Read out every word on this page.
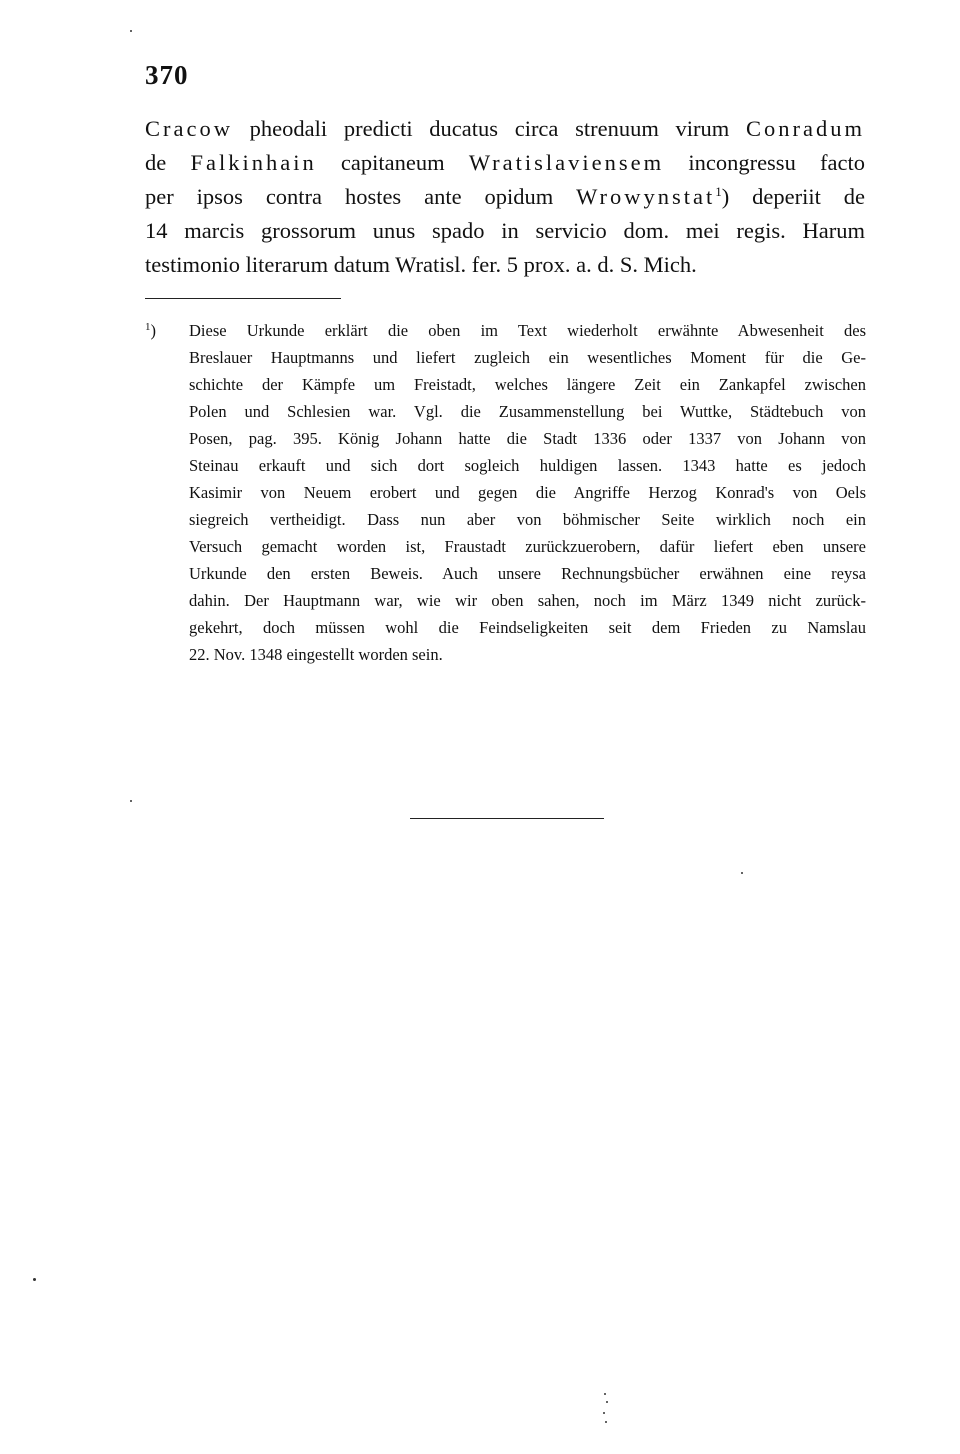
370
Cracow pheodali predicti ducatus circa strenuum virum Conradum
de Falkinhain capitaneum Wratislaviensem incongressu facto
per ipsos contra hostes ante opidum Wrowynstat$^1$) deperiit de
14 marcis grossorum unus spado in servicio dom. mei regis. Harum
testimonio literarum datum Wratisl. fer. 5 prox. a. d. S. Mich.
$^1$) Diese Urkunde erklärt die oben im Text wiederholt erwähnte Abwesenheit des
Breslauer Hauptmanns und liefert zugleich ein wesentliches Moment für die Ge-
schichte der Kämpfe um Freistadt, welches längere Zeit ein Zankapfel zwischen
Polen und Schlesien war. Vgl. die Zusammenstellung bei Wuttke, Städtebuch von
Posen, pag. 395. König Johann hatte die Stadt 1336 oder 1337 von Johann von
Steinau erkauft und sich dort sogleich huldigen lassen. 1343 hatte es jedoch
Kasimir von Neuem erobert und gegen die Angriffe Herzog Konrad's von Oels
siegreich vertheidigt. Dass nun aber von böhmischer Seite wirklich noch ein
Versuch gemacht worden ist, Fraustadt zurückzuerobern, dafür liefert eben unsere
Urkunde den ersten Beweis. Auch unsere Rechnungsbücher erwähnen eine reysa
dahin. Der Hauptmann war, wie wir oben sahen, noch im März 1349 nicht zurück-
gekehrt, doch müssen wohl die Feindseligkeiten seit dem Frieden zu Namslau
22. Nov. 1348 eingestellt worden sein.
